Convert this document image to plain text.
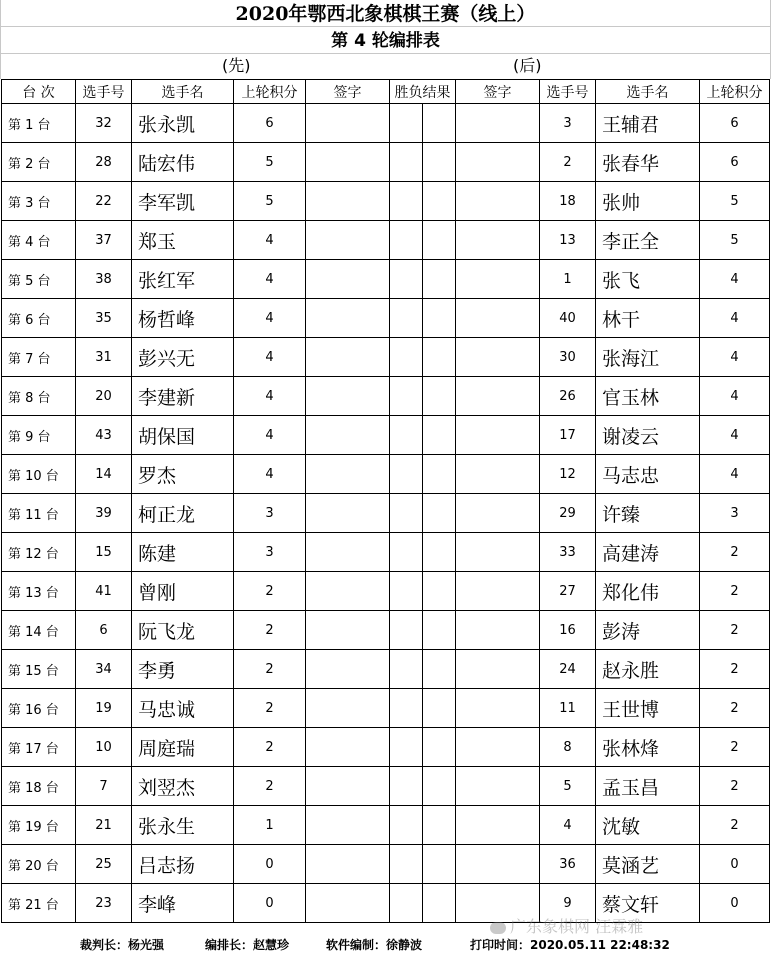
2020年鄂西北象棋棋王赛（线上）
第 4 轮编排表
(先)	(后)
台 次	选手号	选手名	上轮积分	签字	胜负结果		签字	选手号	选手名	上轮积分
第 1 台	32	张永凯	6					3	王辅君	6
第 2 台	28	陆宏伟	5					2	张春华	6
第 3 台	22	李军凯	5					18	张帅	5
第 4 台	37	郑玉	4					13	李正全	5
第 5 台	38	张红军	4					1	张飞	4
第 6 台	35	杨哲峰	4					40	林干	4
第 7 台	31	彭兴无	4					30	张海江	4
第 8 台	20	李建新	4					26	官玉林	4
第 9 台	43	胡保国	4					17	谢凌云	4
第 10 台	14	罗杰	4					12	马志忠	4
第 11 台	39	柯正龙	3					29	许臻	3
第 12 台	15	陈建	3					33	高建涛	2
第 13 台	41	曾刚	2					27	郑化伟	2
第 14 台	6	阮飞龙	2					16	彭涛	2
第 15 台	34	李勇	2					24	赵永胜	2
第 16 台	19	马忠诚	2					11	王世博	2
第 17 台	10	周庭瑞	2					8	张林烽	2
第 18 台	7	刘翌杰	2					5	孟玉昌	2
第 19 台	21	张永生	1					4	沈敏	2
第 20 台	25	吕志扬	0					36	莫涵艺	0
第 21 台	23	李峰	0					9	蔡文轩	0
裁判长：杨光强	编排长：赵慧珍	软件编制：徐静波	打印时间：2020.05.11 22:48:32
广东象棋网 汪霖雅
